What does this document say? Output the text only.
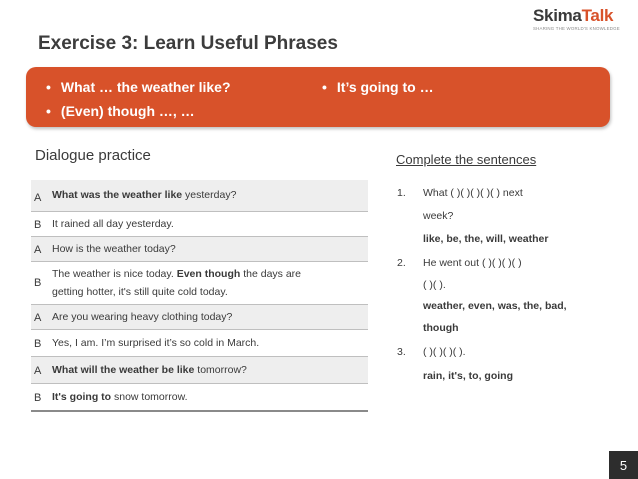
Exercise 3: Learn Useful Phrases
SkimaTalk
SHARING THE WORLD'S KNOWLEDGE
• What … the weather like?
• (Even) though …, …
• It’s going to …
Dialogue practice
A What was the weather like yesterday?
B It rained all day yesterday.
A How is the weather today?
B
The weather is nice today. Even though the days are
getting hotter, it's still quite cold today.
A Are you wearing heavy clothing today?
B Yes, I am. I’m surprised it’s so cold in March.
A What will the weather be like tomorrow?
B It's going to snow tomorrow.
Complete the sentences
1. What ( )( )( )( )( ) next
week?
like, be, the, will, weather
2. He went out ( )( )( )( )
( )( ).
weather, even, was, the, bad,
though
3. ( )( )( )( ).
rain, it's, to, going
5
